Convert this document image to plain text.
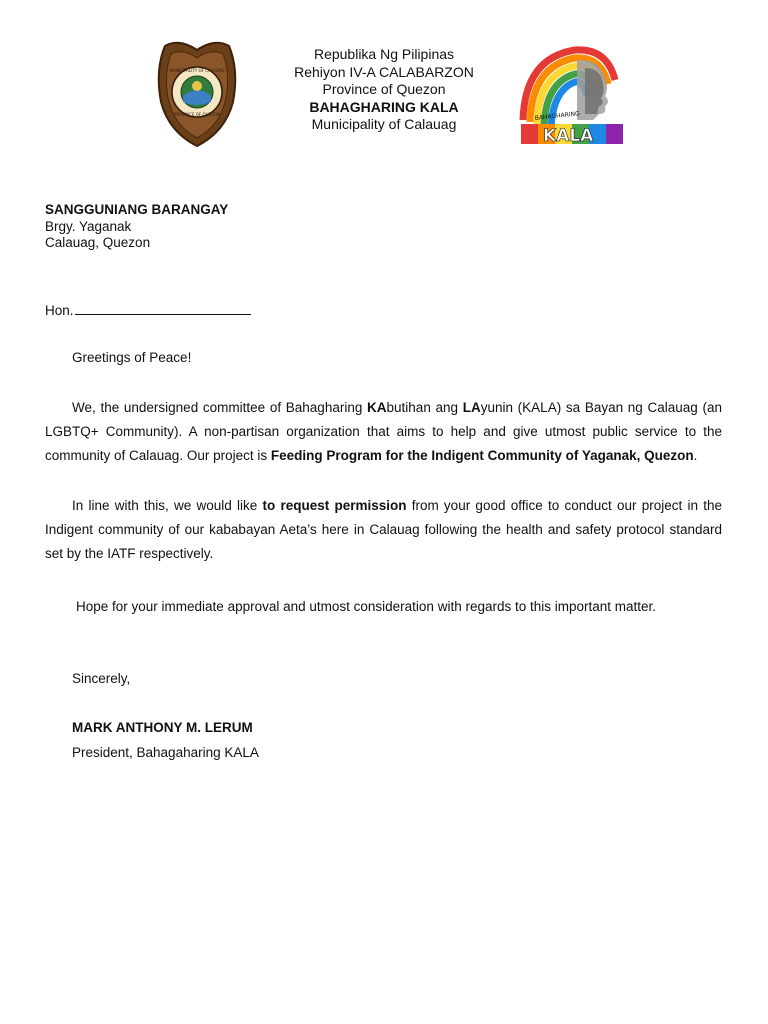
MUNICIPALITY OF CALAUAG
PROVINCE OF QUEZON
Republika Ng Pilipinas
Rehiyon IV-A CALABARZON
Province of Quezon
BAHAGHARING KALA
Municipality of Calauag	BAHAGHARING
KALA
SANGGUNIANG BARANGAY
Brgy. Yaganak
Calauag, Quezon
Hon.
Greetings of Peace!
We, the undersigned committee of Bahagharing KAbutihan ang LAyunin (KALA) sa Bayan ng Calauag (an LGBTQ+ Community). A non-partisan organization that aims to help and give utmost public service to the community of Calauag. Our project is Feeding Program for the Indigent Community of Yaganak, Quezon.
In line with this, we would like to request permission from your good office to conduct our project in the Indigent community of our kababayan Aeta’s here in Calauag following the health and safety protocol standard set by the IATF respectively.
Hope for your immediate approval and utmost consideration with regards to this important matter.
Sincerely,
MARK ANTHONY M. LERUM
President, Bahagaharing KALA
